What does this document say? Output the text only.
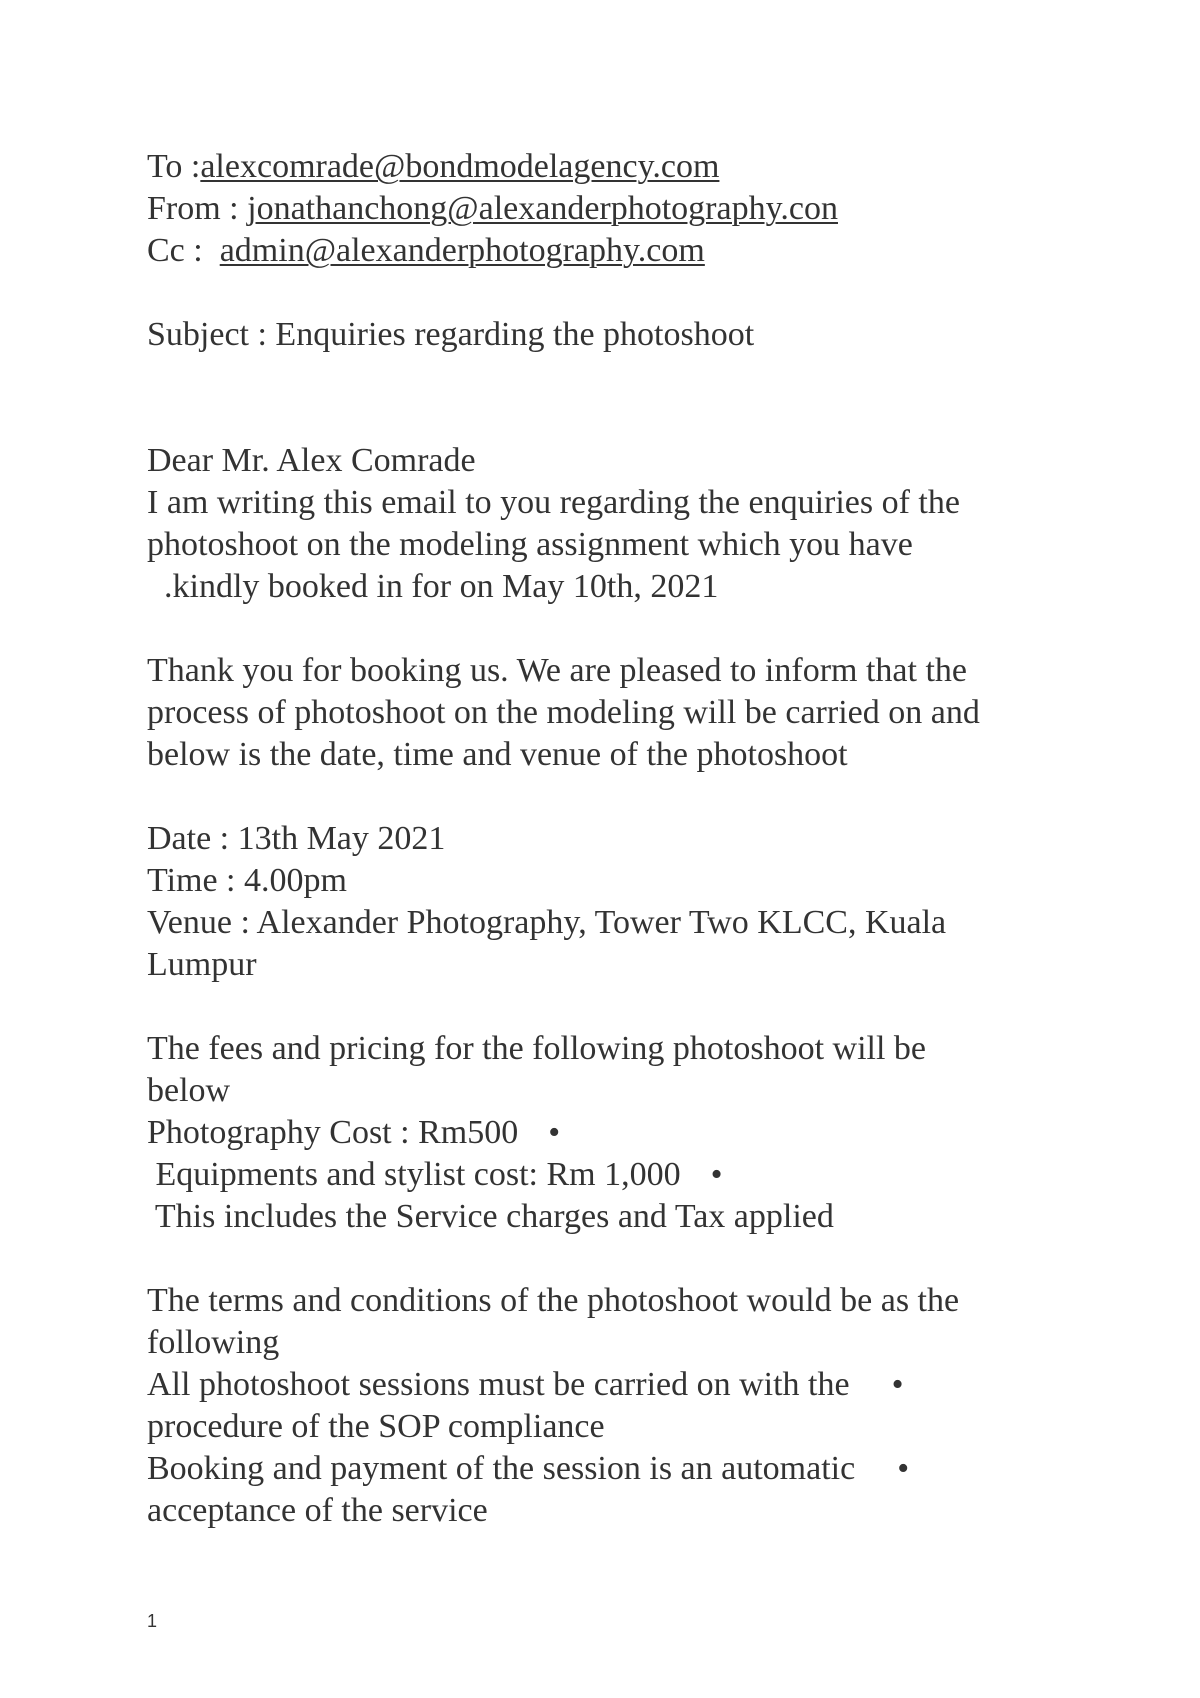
To :alexcomrade@bondmodelagency.com
From : jonathanchong@alexanderphotography.con
Cc :  admin@alexanderphotography.com
Subject : Enquiries regarding the photoshoot
Dear Mr. Alex Comrade
I am writing this email to you regarding the enquiries of the
photoshoot on the modeling assignment which you have
.kindly booked in for on May 10th, 2021
Thank you for booking us. We are pleased to inform that the
process of photoshoot on the modeling will be carried on and
below is the date, time and venue of the photoshoot
Date : 13th May 2021
Time : 4.00pm
Venue : Alexander Photography, Tower Two KLCC, Kuala
Lumpur
The fees and pricing for the following photoshoot will be
below
Photography Cost : Rm500 •
Equipments and stylist cost: Rm 1,000 •
This includes the Service charges and Tax applied
The terms and conditions of the photoshoot would be as the
following
All photoshoot sessions must be carried on with the •
procedure of the SOP compliance
Booking and payment of the session is an automatic •
acceptance of the service
1
